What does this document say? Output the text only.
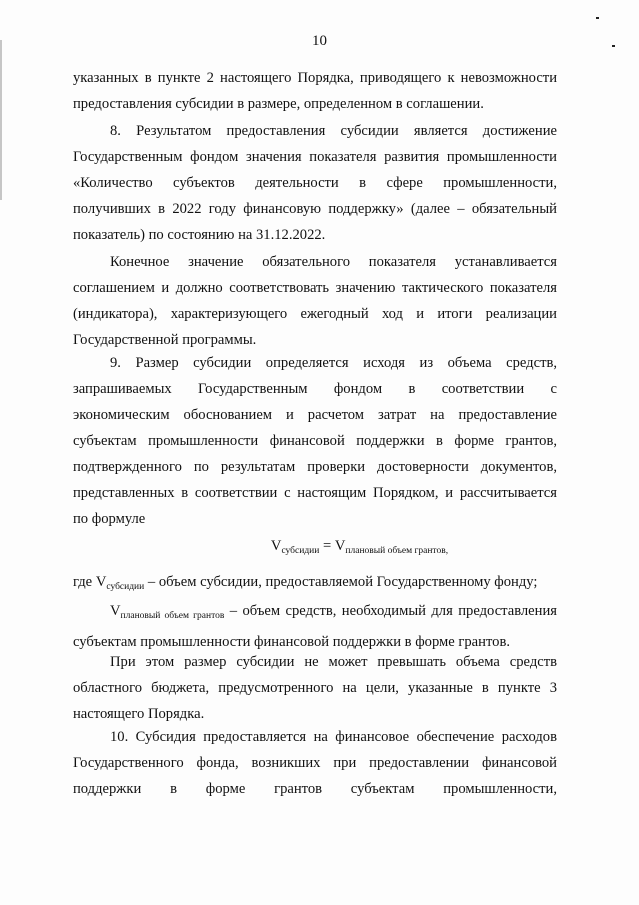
10

указанных в пункте 2 настоящего Порядка, приводящего к невозможности

предоставления субсидии в размере, определенном в соглашении.

8. Результатом предоставления субсидии является достижение

Государственным фондом значения показателя развития промышленности

«Количество субъектов деятельности в сфере промышленности,

получивших в 2022 году финансовую поддержку» (далее – обязательный

показатель) по состоянию на 31.12.2022.

Конечное значение обязательного показателя устанавливается

соглашением и должно соответствовать значению тактического показателя

(индикатора), характеризующего ежегодный ход и итоги реализации

Государственной программы.

9. Размер субсидии определяется исходя из объема средств,

запрашиваемых Государственным фондом в соответствии с

экономическим обоснованием и расчетом затрат на предоставление

субъектам промышленности финансовой поддержки в форме грантов,

подтвержденного по результатам проверки достоверности документов,

представленных в соответствии с настоящим Порядком, и рассчитывается

по формуле

$V_{субсидии} = V_{плановый объем грантов,}$

где $V_{субсидии}$ – объем субсидии, предоставляемой Государственному фонду;

$V_{плановый объем грантов}$ – объем средств, необходимый для предоставления

субъектам промышленности финансовой поддержки в форме грантов.

При этом размер субсидии не может превышать объема средств

областного бюджета, предусмотренного на цели, указанные в пункте 3

настоящего Порядка.

10. Субсидия предоставляется на финансовое обеспечение расходов

Государственного фонда, возникших при предоставлении финансовой

поддержки в форме грантов субъектам промышленности,
